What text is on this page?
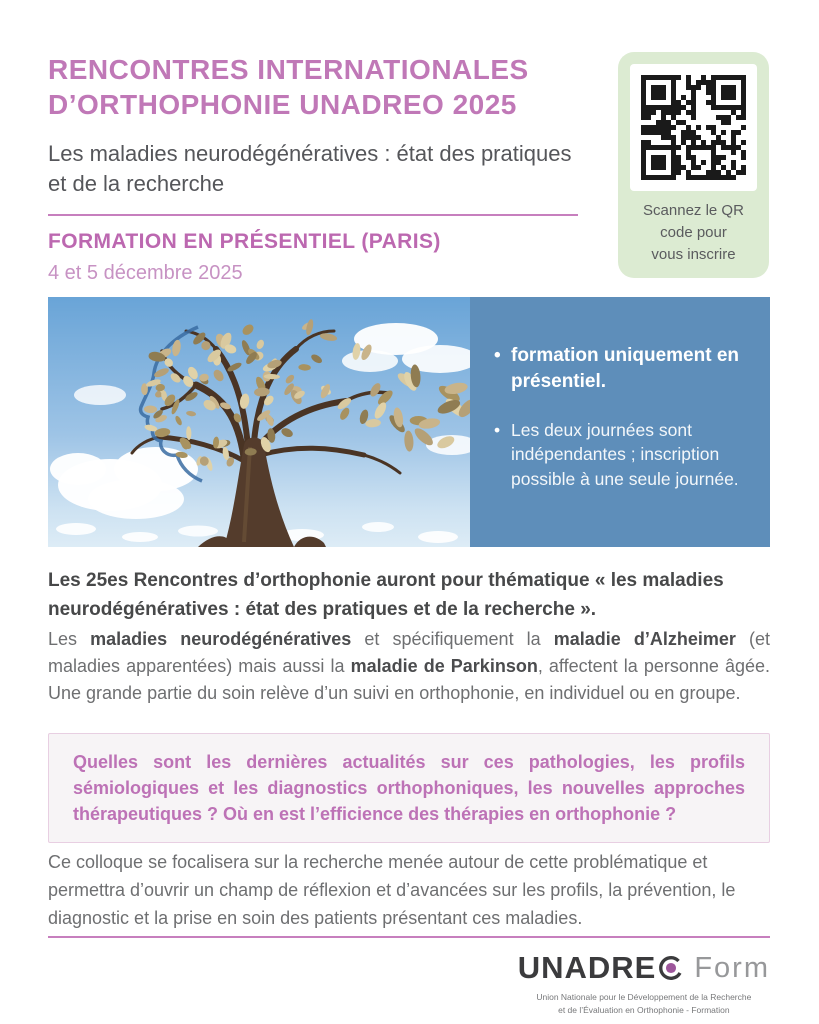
RENCONTRES INTERNATIONALES D’ORTHOPHONIE UNADREO 2025

Les maladies neurodégénératives : état des pratiques et de la recherche

FORMATION EN PRÉSENTIEL (PARIS)

4 et 5 décembre 2025

Scannez le QR
code pour
vous inscrire

• formation uniquement en présentiel.
• Les deux journées sont indépendantes ; inscription possible à une seule journée.

Les 25es Rencontres d’orthophonie auront pour thématique « les maladies neurodégénératives : état des pratiques et de la recherche ».

Les maladies neurodégénératives et spécifiquement la maladie d’Alzheimer (et maladies apparentées) mais aussi la maladie de Parkinson, affectent la personne âgée. Une grande partie du soin relève d’un suivi en orthophonie, en individuel ou en groupe.

Quelles sont les dernières actualités sur ces pathologies, les profils sémiologiques et les diagnostics orthophoniques, les nouvelles approches thérapeutiques ? Où en est l’efficience des thérapies en orthophonie ?

Ce colloque se focalisera sur la recherche menée autour de cette problématique et permettra d’ouvrir un champ de réflexion et d’avancées sur les profils, la prévention, le diagnostic et la prise en soin des patients présentant ces maladies.

UNADRE Form

Union Nationale pour le Développement de la Recherche
et de l’Évaluation en Orthophonie - Formation
